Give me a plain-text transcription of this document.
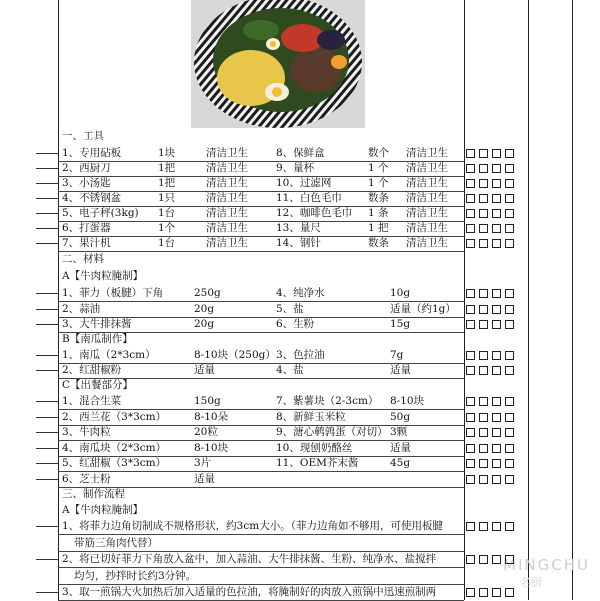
一、工具
二、材料
A【牛肉粒腌制】
B【南瓜制作】
C【出餐部分】
三、制作流程
A【牛肉粒腌制】
MINGCHU
名厨
1、专用砧板	1块	清洁卫生	8、保鲜盒	数个 清洁卫生
2、西厨刀	1把	清洁卫生	9、量杯	1 个 清洁卫生
3、小汤匙	1把	清洁卫生	10、过滤网	1 个 清洁卫生
4、不锈钢盆	1只	清洁卫生	11、白色毛巾 数条 清洁卫生
5、电子秤(3kg) 1台	清洁卫生	12、咖啡色毛巾 1 条 清洁卫生
6、打蛋器	1个	清洁卫生	13、量尺	1 把 清洁卫生
7、果汁机	1台	清洁卫生	14、钢针	数条 清洁卫生
1、菲力（板腱）下角	250g	4、纯净水	10g
2、蒜油	20g	5、盐	适量（约1g）
3、大牛排抹酱	20g	6、生粉	15g
1、南瓜（2*3cm）	8-10块（250g） 3、色拉油	7g
2、红甜椒粉	适量	4、盐	适量
1、混合生菜	150g	7、紫薯块（2-3cm） 8-10块
2、西兰花（3*3cm）	8-10朵	8、新鲜玉米粒	50g
3、牛肉粒	20粒	9、溏心鹌鹑蛋（对切） 3颗
4、南瓜块（2*3cm）	8-10块	10、现刨奶酪丝	适量
5、红甜椒（3*3cm）	3片	11、OEM芥末酱	45g
6、芝士粉	适量
1、将菲力边角切制成不规格形状，约3cm大小。（菲力边角如不够用，可使用板腱
带筋三角肉代替）
2、将已切好菲力下角放入盆中，加入蒜油、大牛排抹酱、生粉、纯净水、盐搅拌
均匀，抄拌时长约3分钟。
3、取一煎锅大火加热后加入适量的色拉油，将腌制好的肉放入煎锅中迅速煎制两
